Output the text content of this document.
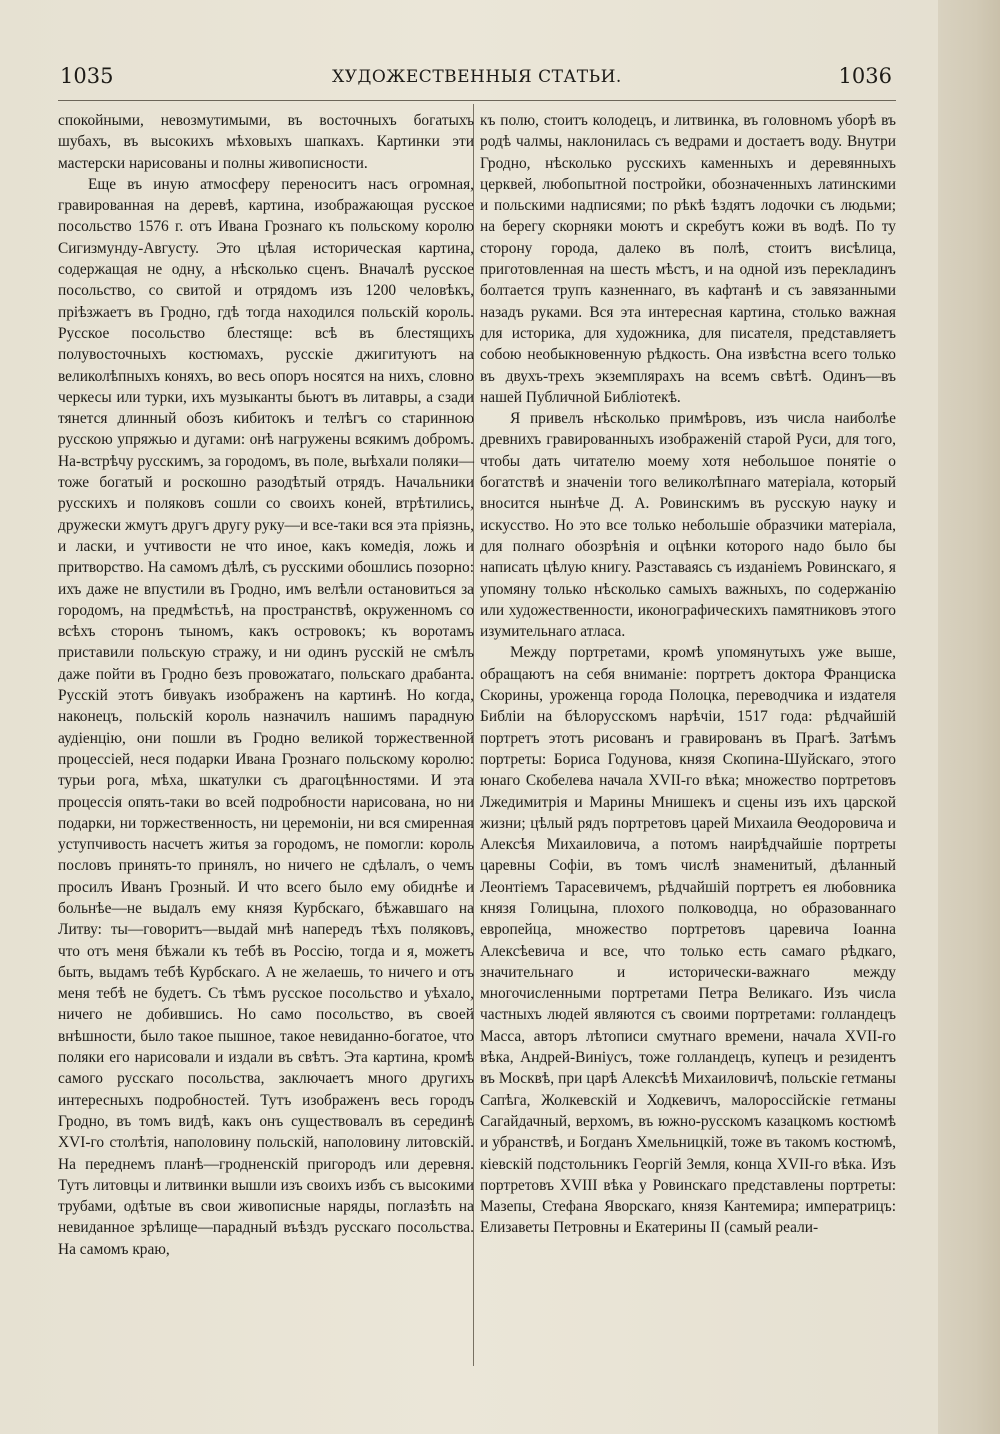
1035	ХУДОЖЕСТВЕННЫЯ СТАТЬИ.	1036

спокойными, невозмутимыми, въ восточныхъ богатыхъ шубахъ, въ высокихъ мѣховыхъ шапкахъ. Картинки эти мастерски нарисованы и полны живописности.

Еще въ иную атмосферу переноситъ насъ огромная, гравированная на деревѣ, картина, изображающая русское посольство 1576 г. отъ Ивана Грознаго къ польскому королю Сигизмунду-Августу. Это цѣлая историческая картина, содержащая не одну, а нѣсколько сценъ. Вначалѣ русское посольство, со свитой и отрядомъ изъ 1200 человѣкъ, пріѣзжаетъ въ Гродно, гдѣ тогда находился польскій король. Русское посольство блестяще: всѣ въ блестящихъ полувосточныхъ костюмахъ, русскіе джигитуютъ на великолѣпныхъ коняхъ, во весь опоръ носятся на нихъ, словно черкесы или турки, ихъ музыканты бьютъ въ литавры, а сзади тянется длинный обозъ кибитокъ и телѣгъ со старинною русскою упряжью и дугами: онѣ нагружены всякимъ добромъ. На-встрѣчу русскимъ, за городомъ, въ поле, выѣхали поляки—тоже богатый и роскошно разодѣтый отрядъ. Начальники русскихъ и поляковъ сошли со своихъ коней, втрѣтились, дружески жмутъ другъ другу руку—и все-таки вся эта пріязнь, и ласки, и учтивости не что иное, какъ комедія, ложь и притворство. На самомъ дѣлѣ, съ русскими обошлись позорно: ихъ даже не впустили въ Гродно, имъ велѣли остановиться за городомъ, на предмѣстьѣ, на пространствѣ, окруженномъ со всѣхъ сторонъ тыномъ, какъ островокъ; къ воротамъ приставили польскую стражу, и ни одинъ русскій не смѣлъ даже пойти въ Гродно безъ провожатаго, польскаго драбанта. Русскій этотъ бивуакъ изображенъ на картинѣ. Но когда, наконецъ, польскій король назначилъ нашимъ парадную аудіенцію, они пошли въ Гродно великой торжественной процессіей, неся подарки Ивана Грознаго польскому королю: турьи рога, мѣха, шкатулки съ драгоцѣнностями. И эта процессія опять-таки во всей подробности нарисована, но ни подарки, ни торжественность, ни церемоніи, ни вся смиренная уступчивость насчетъ житья за городомъ, не помогли: король пословъ принять-то принялъ, но ничего не сдѣлалъ, о чемъ просилъ Иванъ Грозный. И что всего было ему обиднѣе и больнѣе—не выдалъ ему князя Курбскаго, бѣжавшаго на Литву: ты—говоритъ—выдай мнѣ напередъ тѣхъ поляковъ, что отъ меня бѣжали къ тебѣ въ Россію, тогда и я, можетъ быть, выдамъ тебѣ Курбскаго. А не желаешь, то ничего и отъ меня тебѣ не будетъ. Съ тѣмъ русское посольство и уѣхало, ничего не добившись. Но само посольство, въ своей внѣшности, было такое пышное, такое невиданно-богатое, что поляки его нарисовали и издали въ свѣтъ. Эта картина, кромѣ самого русскаго посольства, заключаетъ много другихъ интересныхъ подробностей. Тутъ изображенъ весь городъ Гродно, въ томъ видѣ, какъ онъ существовалъ въ серединѣ XVI-го столѣтія, наполовину польскій, наполовину литовскій. На переднемъ планѣ—гродненскій пригородъ или деревня. Тутъ литовцы и литвинки вышли изъ своихъ избъ съ высокими трубами, одѣтые въ свои живописные наряды, поглазѣть на невиданное зрѣлище—парадный въѣздъ русскаго посольства. На самомъ краю,

къ полю, стоитъ колодецъ, и литвинка, въ головномъ уборѣ въ родѣ чалмы, наклонилась съ ведрами и достаетъ воду. Внутри Гродно, нѣсколько русскихъ каменныхъ и деревянныхъ церквей, любопытной постройки, обозначенныхъ латинскими и польскими надписями; по рѣкѣ ѣздятъ лодочки съ людьми; на берегу скорняки моютъ и скребутъ кожи въ водѣ. По ту сторону города, далеко въ полѣ, стоитъ висѣлица, приготовленная на шесть мѣстъ, и на одной изъ перекладинъ болтается трупъ казненнаго, въ кафтанѣ и съ завязанными назадъ руками. Вся эта интересная картина, столько важная для историка, для художника, для писателя, представляетъ собою необыкновенную рѣдкость. Она извѣстна всего только въ двухъ-трехъ экземплярахъ на всемъ свѣтѣ. Одинъ—въ нашей Публичной Библіотекѣ.

Я привелъ нѣсколько примѣровъ, изъ числа наиболѣе древнихъ гравированныхъ изображеній старой Руси, для того, чтобы дать читателю моему хотя небольшое понятіе о богатствѣ и значеніи того великолѣпнаго матеріала, который вносится нынѣче Д. А. Ровинскимъ въ русскую науку и искусство. Но это все только небольшіе образчики матеріала, для полнаго обозрѣнія и оцѣнки которого надо было бы написать цѣлую книгу. Разставаясь съ изданіемъ Ровинскаго, я упомяну только нѣсколько самыхъ важныхъ, по содержанію или художественности, иконографическихъ памятниковъ этого изумительнаго атласа.

Между портретами, кромѣ упомянутыхъ уже выше, обращаютъ на себя вниманіе: портретъ доктора Франциска Скорины, уроженца города Полоцка, переводчика и издателя Библіи на бѣлорусскомъ нарѣчіи, 1517 года: рѣдчайшій портретъ этотъ рисованъ и гравированъ въ Прагѣ. Затѣмъ портреты: Бориса Годунова, князя Скопина-Шуйскаго, этого юнаго Скобелева начала XVII-го вѣка; множество портретовъ Лжедимитрія и Марины Мнишекъ и сцены изъ ихъ царской жизни; цѣлый рядъ портретовъ царей Михаила Ѳеодоровича и Алексѣя Михаиловича, а потомъ наирѣдчайшіе портреты царевны Софіи, въ томъ числѣ знаменитый, дѣланный Леонтіемъ Тарасевичемъ, рѣдчайшій портретъ ея любовника князя Голицына, плохого полководца, но образованнаго европейца, множество портретовъ царевича Іоанна Алексѣевича и все, что только есть самаго рѣдкаго, значительнаго и исторически-важнаго между многочисленными портретами Петра Великаго. Изъ числа частныхъ людей являются съ своими портретами: голландецъ Масса, авторъ лѣтописи смутнаго времени, начала XVII-го вѣка, Андрей-Виніусъ, тоже голландецъ, купецъ и резидентъ въ Москвѣ, при царѣ Алексѣѣ Михаиловичѣ, польскіе гетманы Сапѣга, Жолкевскій и Ходкевичъ, малороссійскіе гетманы Сагайдачный, верхомъ, въ южно-русскомъ казацкомъ костюмѣ и убранствѣ, и Богданъ Хмельницкій, тоже въ такомъ костюмѣ, кіевскій подстольникъ Георгій Земля, конца XVII-го вѣка. Изъ портретовъ XVIII вѣка у Ровинскаго представлены портреты: Мазепы, Стефана Яворскаго, князя Кантемира; императрицъ: Елизаветы Петровны и Екатерины II (самый реали-
